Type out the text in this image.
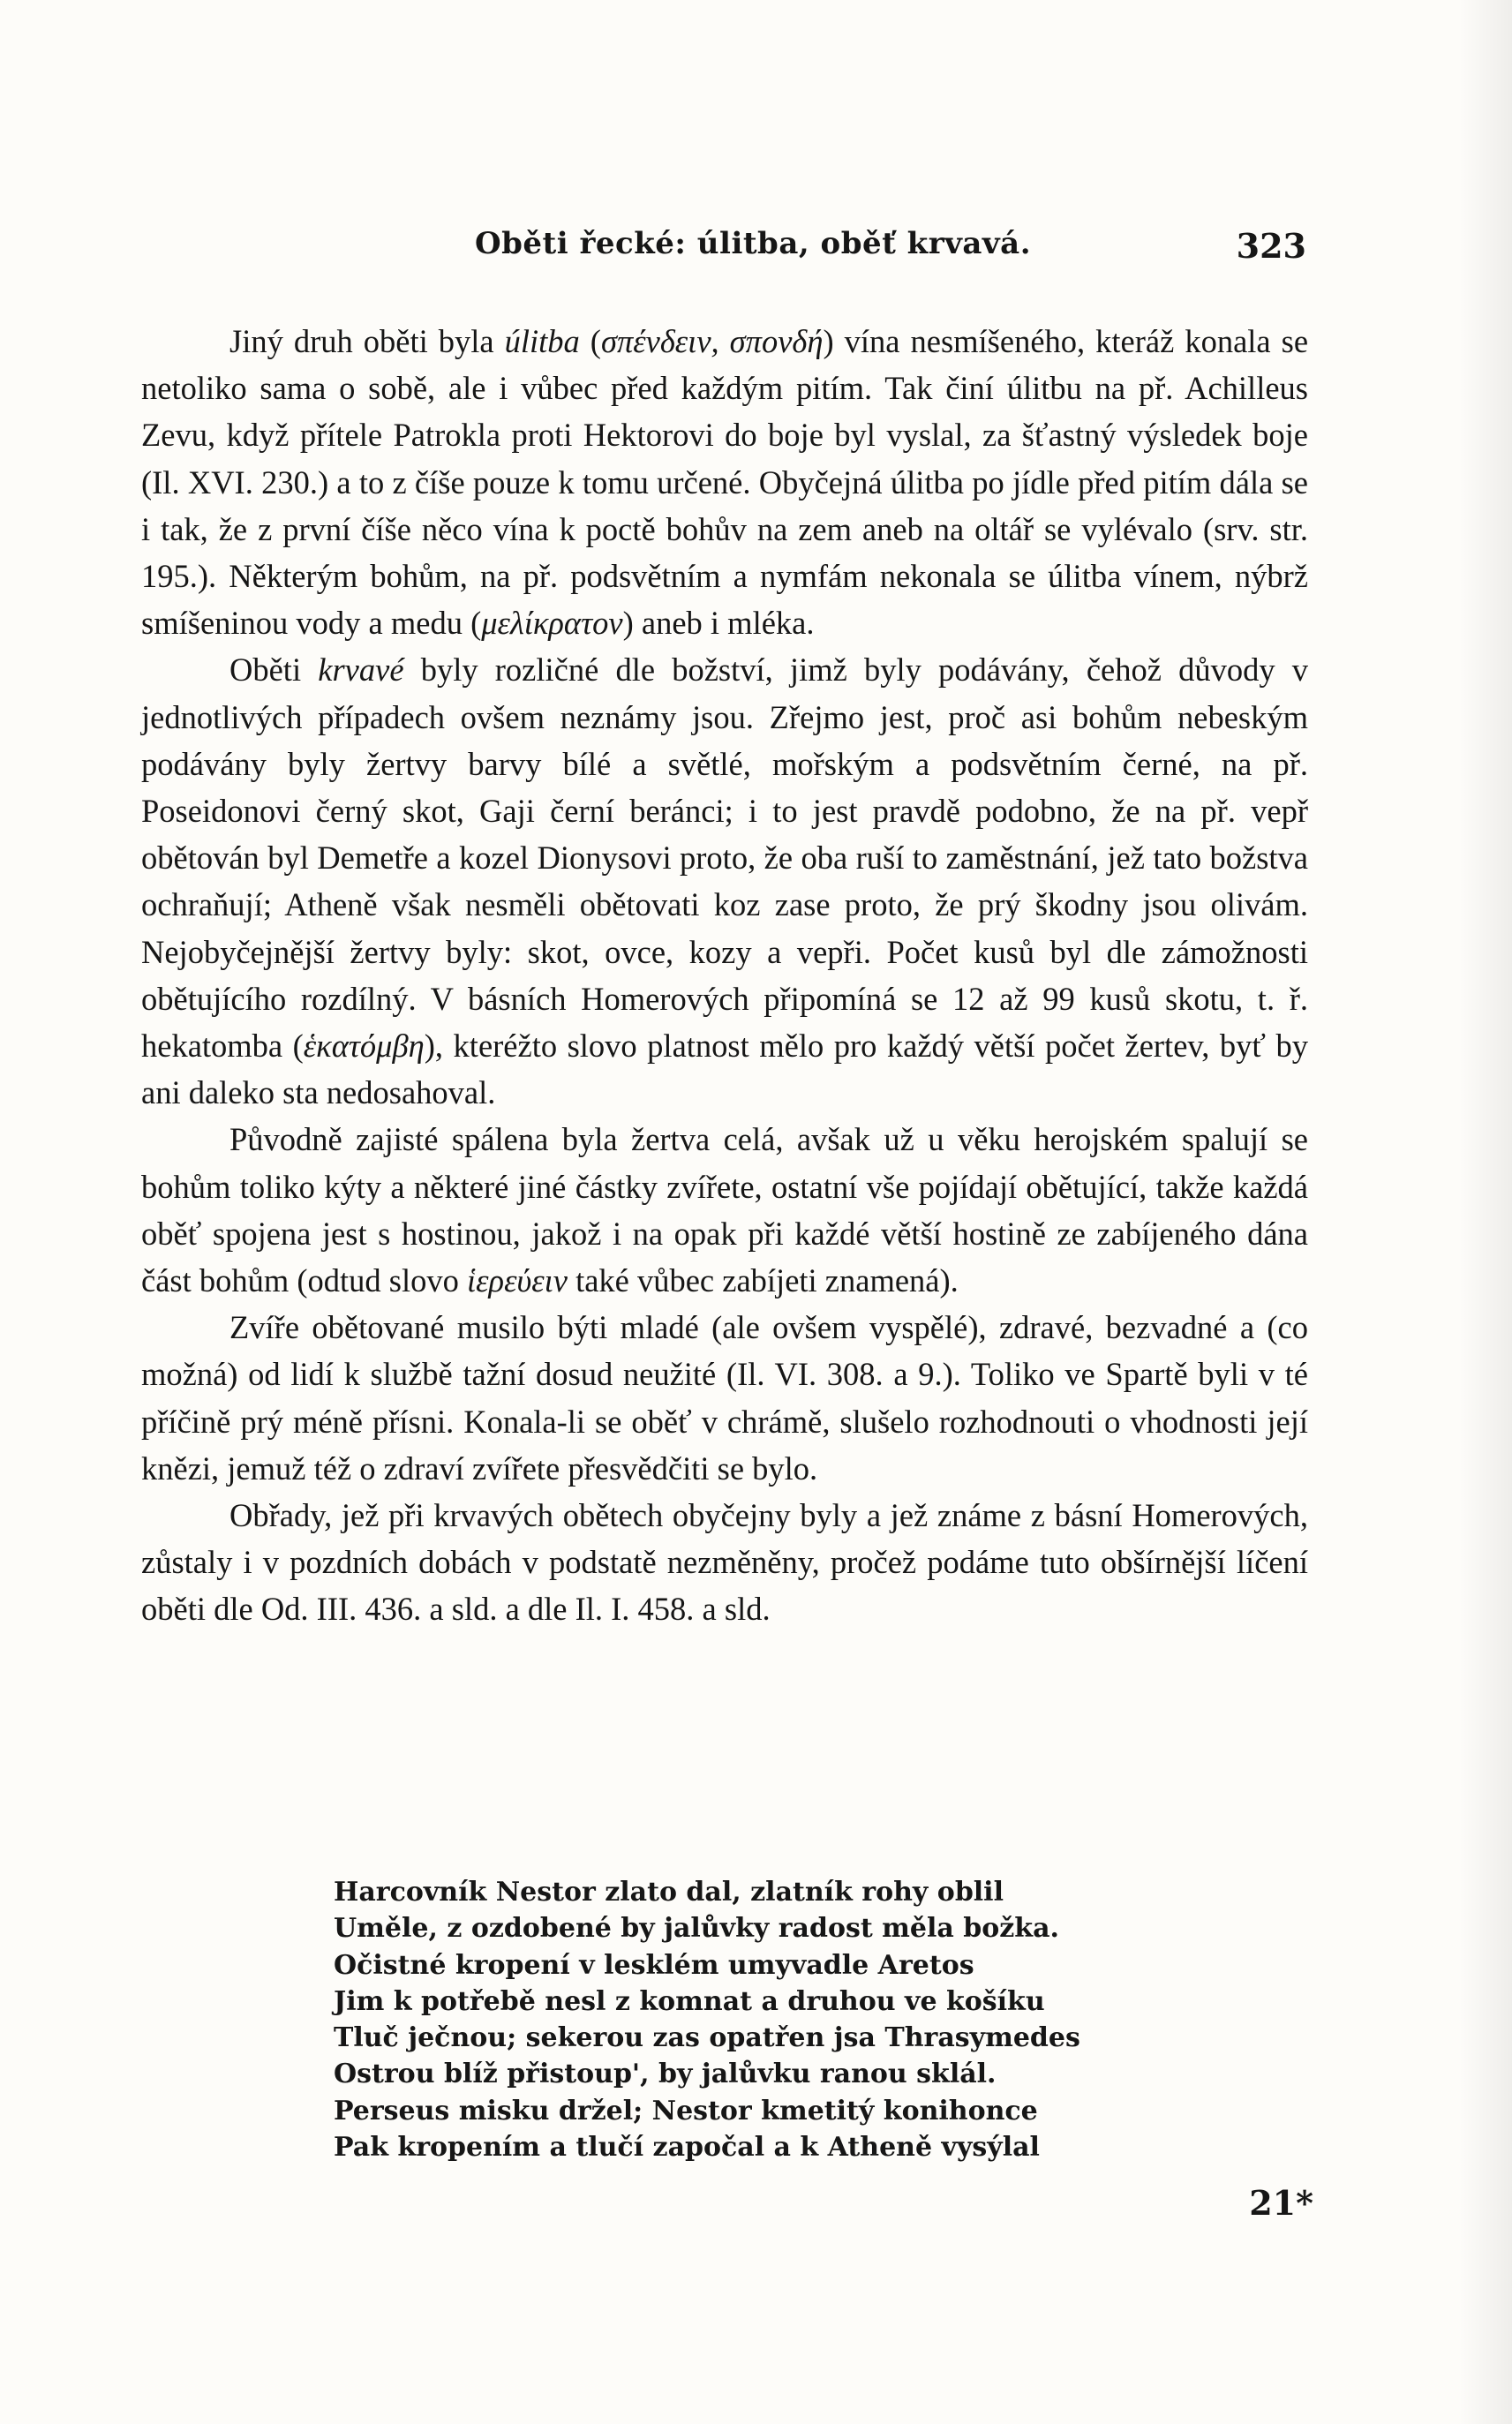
Oběti řecké: úlitba, oběť krvavá.	323

Jiný druh oběti byla úlitba (σπένδειν, σπονδή) vína nesmíšeného, kteráž konala se netoliko sama o sobě, ale i vůbec před každým pitím. Tak činí úlitbu na př. Achilleus Zevu, když přítele Patrokla proti Hektorovi do boje byl vyslal, za šťastný výsledek boje (Il. XVI. 230.) a to z číše pouze k tomu určené. Obyčejná úlitba po jídle před pitím dála se i tak, že z první číše něco vína k poctě bohův na zem aneb na oltář se vylévalo (srv. str. 195.). Některým bohům, na př. podsvětním a nymfám nekonala se úlitba vínem, nýbrž smíšeninou vody a medu (μελίκρατον) aneb i mléka.

Oběti krvavé byly rozličné dle božství, jimž byly podávány, čehož důvody v jednotlivých případech ovšem neznámy jsou. Zřejmo jest, proč asi bohům nebeským podávány byly žertvy barvy bílé a světlé, mořským a podsvětním černé, na př. Poseidonovi černý skot, Gaji černí beránci; i to jest pravdě podobno, že na př. vepř obětován byl Demetře a kozel Dionysovi proto, že oba ruší to zaměstnání, jež tato božstva ochraňují; Atheně však nesměli obětovati koz zase proto, že prý škodny jsou olivám. Nejobyčejnější žertvy byly: skot, ovce, kozy a vepři. Počet kusů byl dle zámožnosti obětujícího rozdílný. V básních Homerových připomíná se 12 až 99 kusů skotu, t. ř. hekatomba (ἑκατόμβη), kteréžto slovo platnost mělo pro každý větší počet žertev, byť by ani daleko sta nedosahoval.

Původně zajisté spálena byla žertva celá, avšak už u věku herojském spalují se bohům toliko kýty a některé jiné částky zvířete, ostatní vše pojídají obětující, takže každá oběť spojena jest s hostinou, jakož i na opak při každé větší hostině ze zabíjeného dána část bohům (odtud slovo ἱερεύειν také vůbec zabíjeti znamená).

Zvíře obětované musilo býti mladé (ale ovšem vyspělé), zdravé, bezvadné a (co možná) od lidí k službě tažní dosud neužité (Il. VI. 308. a 9.). Toliko ve Spartě byli v té příčině prý méně přísni. Konala-li se oběť v chrámě, slušelo rozhodnouti o vhodnosti její knězi, jemuž též o zdraví zvířete přesvědčiti se bylo.

Obřady, jež při krvavých obětech obyčejny byly a jež známe z básní Homerových, zůstaly i v pozdních dobách v podstatě nezměněny, pročež podáme tuto obšírnější líčení oběti dle Od. III. 436. a sld. a dle Il. I. 458. a sld.

Harcovník Nestor zlato dal, zlatník rohy oblil
Uměle, z ozdobené by jalůvky radost měla božka.
Očistné kropení v lesklém umyvadle Aretos
Jim k potřebě nesl z komnat a druhou ve košíku
Tluč ječnou; sekerou zas opatřen jsa Thrasymedes
Ostrou blíž přistoup', by jalůvku ranou sklál.
Perseus misku držel; Nestor kmetitý konihonce
Pak kropením a tlučí započal a k Atheně vysýlal
21*
